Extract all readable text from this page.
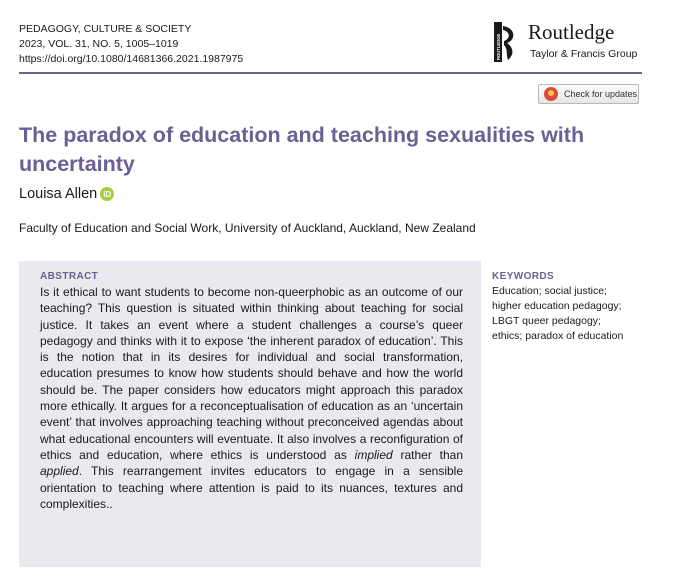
PEDAGOGY, CULTURE & SOCIETY
2023, VOL. 31, NO. 5, 1005–1019
https://doi.org/10.1080/14681366.2021.1987975	ROUTLEDGE
Routledge
Taylor & Francis Group
Check for updates
The paradox of education and teaching sexualities with uncertainty
Louisa Allen iD
Faculty of Education and Social Work, University of Auckland, Auckland, New Zealand
ABSTRACT
Is it ethical to want students to become non-queerphobic as an outcome of our teaching? This question is situated within thinking about teaching for social justice. It takes an event where a student challenges a course’s queer pedagogy and thinks with it to expose ‘the inherent paradox of education’. This is the notion that in its desires for individual and social transformation, education presumes to know how students should behave and how the world should be. The paper considers how educators might approach this paradox more ethically. It argues for a reconceptualisation of education as an ‘uncertain event’ that involves approaching teaching without preconceived agendas about what educational encounters will eventuate. It also involves a reconfiguration of ethics and education, where ethics is understood as implied rather than applied. This rearrangement invites educators to engage in a sensible orientation to teaching where attention is paid to its nuances, textures and complexities..
KEYWORDS
Education; social justice;
higher education pedagogy;
LBGT queer pedagogy;
ethics; paradox of education
